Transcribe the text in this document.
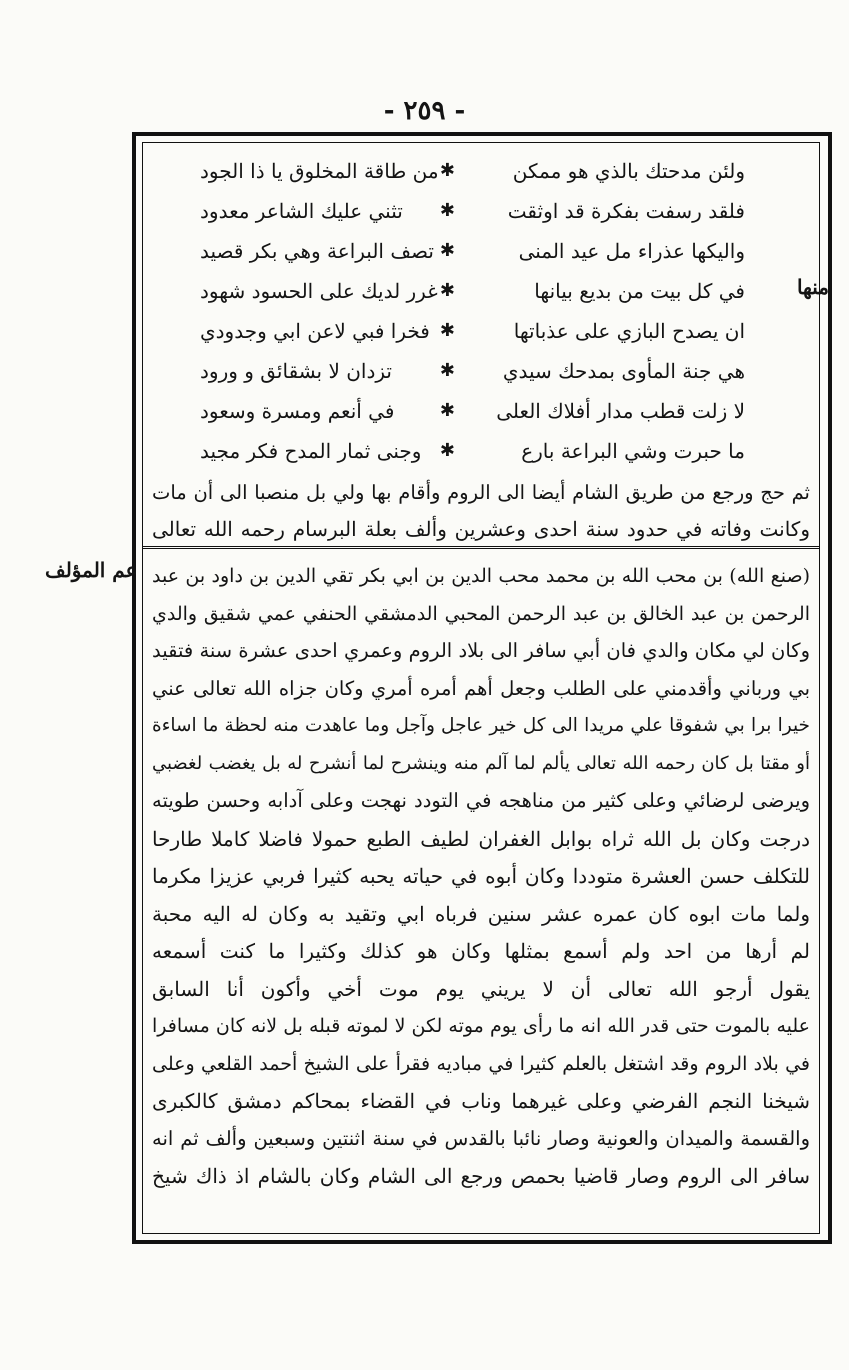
- ٢٥٩ -
ولئن مدحتك بالذي هو ممكن
✱
من طاقة المخلوق يا ذا الجود
فلقد رسفت بفكرة قد اوثقت
✱
تثني عليك الشاعر معدود
واليكها عذراء مل عيد المنى
✱
تصف البراعة وهي بكر قصيد
في كل بيت من بديع بيانها
✱
غرر لديك على الحسود شهود
ان يصدح البازي على عذباتها
✱
فخرا فبي لاعن ابي وجدودي
هي جنة المأوى بمدحك سيدي
✱
تزدان لا بشقائق و ورود
لا زلت قطب مدار أفلاك العلى
✱
في أنعم ومسرة وسعود
ما حبرت وشي البراعة بارع
✱
وجنى ثمار المدح فكر مجيد
منها
عم المؤلف
ثم حج ورجع من طريق الشام أيضا الى الروم وأقام بها ولي بل منصبا الى أن مات
وكانت وفاته في حدود سنة احدى وعشرين وألف بعلة البرسام رحمه الله تعالى
(صنع الله) بن محب الله بن محمد محب الدين بن ابي بكر تقي الدين بن داود بن عبد
الرحمن بن عبد الخالق بن عبد الرحمن المحبي الدمشقي الحنفي عمي شقيق والدي
وكان لي مكان والدي فان أبي سافر الى بلاد الروم وعمري احدى عشرة سنة فتقيد
بي ورباني وأقدمني على الطلب وجعل أهم أمره أمري وكان جزاه الله تعالى عني
خيرا برا بي شفوقا علي مريدا الى كل خير عاجل وآجل وما عاهدت منه لحظة ما اساءة
أو مقتا بل كان رحمه الله تعالى يألم لما آلم منه وينشرح لما أنشرح له بل يغضب لغضبي
ويرضى لرضائي وعلى كثير من مناهجه في التودد نهجت وعلى آدابه وحسن طويته
درجت وكان بل الله ثراه بوابل الغفران لطيف الطبع حمولا فاضلا كاملا طارحا
للتكلف حسن العشرة متوددا وكان أبوه في حياته يحبه كثيرا فربي عزيزا مكرما
ولما مات ابوه كان عمره عشر سنين فرباه ابي وتقيد به وكان له اليه محبة
لم أرها من احد ولم أسمع بمثلها وكان هو كذلك وكثيرا ما كنت أسمعه
يقول أرجو الله تعالى أن لا يريني يوم موت أخي وأكون أنا السابق
عليه بالموت حتى قدر الله انه ما رأى يوم موته لكن لا لموته قبله بل لانه كان مسافرا
في بلاد الروم وقد اشتغل بالعلم كثيرا في مباديه فقرأ على الشيخ أحمد القلعي وعلى
شيخنا النجم الفرضي وعلى غيرهما وناب في القضاء بمحاكم دمشق كالكبرى
والقسمة والميدان والعونية وصار نائبا بالقدس في سنة اثنتين وسبعين وألف ثم انه
سافر الى الروم وصار قاضيا بحمص ورجع الى الشام وكان بالشام اذ ذاك شيخ
